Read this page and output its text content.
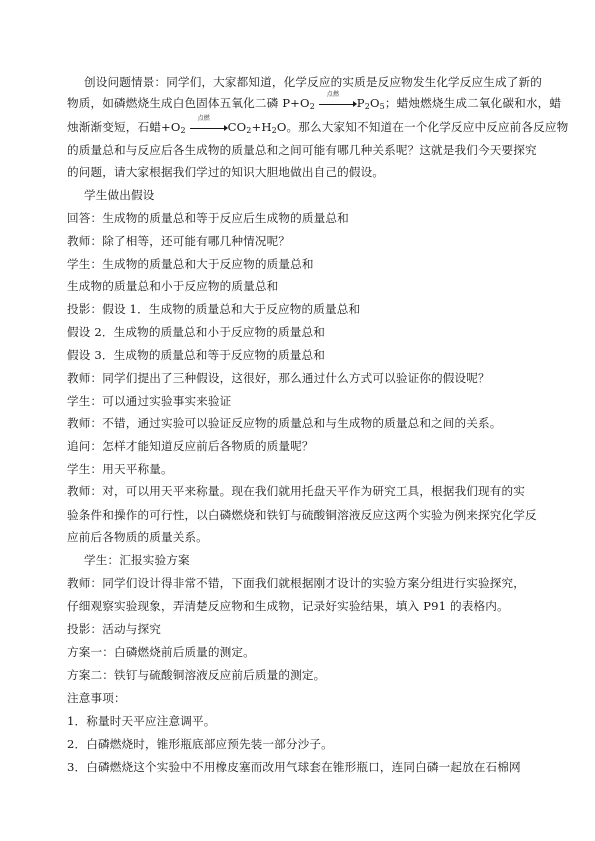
创设问题情景：同学们，大家都知道，化学反应的实质是反应物发生化学反应生成了新的
物质，如磷燃烧生成白色固体五氧化二磷 $P+O_2$
点燃
$P_2O_5$；蜡烛燃烧生成二氧化碳和水，蜡
烛渐渐变短，石蜡$+O_2$
点燃
$CO_2+H_2O$。那么大家知不知道在一个化学反应中反应前各反应物
的质量总和与反应后各生成物的质量总和之间可能有哪几种关系呢？这就是我们今天要探究
的问题，请大家根据我们学过的知识大胆地做出自己的假设。
学生做出假设
回答：生成物的质量总和等于反应后生成物的质量总和
教师：除了相等，还可能有哪几种情况呢？
学生：生成物的质量总和大于反应物的质量总和
生成物的质量总和小于反应物的质量总和
投影：假设 1．生成物的质量总和大于反应物的质量总和
假设 2．生成物的质量总和小于反应物的质量总和
假设 3．生成物的质量总和等于反应物的质量总和
教师：同学们提出了三种假设，这很好，那么通过什么方式可以验证你的假设呢？
学生：可以通过实验事实来验证
教师：不错，通过实验可以验证反应物的质量总和与生成物的质量总和之间的关系。
追问：怎样才能知道反应前后各物质的质量呢？
学生：用天平称量。
教师：对，可以用天平来称量。现在我们就用托盘天平作为研究工具，根据我们现有的实
验条件和操作的可行性，以白磷燃烧和铁钉与硫酸铜溶液反应这两个实验为例来探究化学反
应前后各物质的质量关系。
学生：汇报实验方案
教师：同学们设计得非常不错，下面我们就根据刚才设计的实验方案分组进行实验探究，
仔细观察实验现象，弄清楚反应物和生成物，记录好实验结果，填入 P91 的表格内。
投影：活动与探究
方案一：白磷燃烧前后质量的测定。
方案二：铁钉与硫酸铜溶液反应前后质量的测定。
注意事项：
1．称量时天平应注意调平。
2．白磷燃烧时，锥形瓶底部应预先装一部分沙子。
3．白磷燃烧这个实验中不用橡皮塞而改用气球套在锥形瓶口，连同白磷一起放在石棉网
